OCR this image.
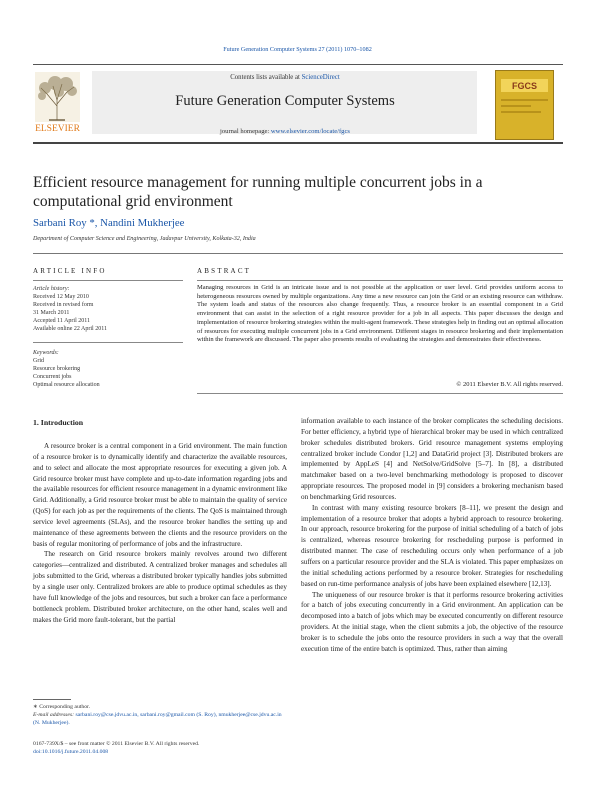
Future Generation Computer Systems 27 (2011) 1070–1082
ELSEVIER
Contents lists available at ScienceDirect
Future Generation Computer Systems
journal homepage: www.elsevier.com/locate/fgcs
FGCS
Efficient resource management for running multiple concurrent jobs in a computational grid environment
Sarbani Roy *, Nandini Mukherjee
Department of Computer Science and Engineering, Jadavpur University, Kolkata-32, India
ARTICLE INFO	ABSTRACT
Article history:
Received 12 May 2010
Received in revised form
31 March 2011
Accepted 11 April 2011
Available online 22 April 2011
Keywords:
Grid
Resource brokering
Concurrent jobs
Optimal resource allocation
Managing resources in Grid is an intricate issue and is not possible at the application or user level. Grid provides uniform access to heterogeneous resources owned by multiple organizations. Any time a new resource can join the Grid or an existing resource can withdraw. The system loads and status of the resources also change frequently. Thus, a resource broker is an essential component in a Grid environment that can assist in the selection of a right resource provider for a job in all aspects. This paper discusses the design and implementation of resource brokering strategies within the multi-agent framework. These strategies help in finding out an optimal allocation of resources for executing multiple concurrent jobs in a Grid environment. Different stages in resource brokering and their implementation within the framework are discussed. The paper also presents results of evaluating the strategies and demonstrates their effectiveness.
© 2011 Elsevier B.V. All rights reserved.
1. Introduction

A resource broker is a central component in a Grid environment. The main function of a resource broker is to dynamically identify and characterize the available resources, and to select and allocate the most appropriate resources for executing a given job. A Grid resource broker must have complete and up-to-date information regarding jobs and the available resources for efficient resource management in a dynamic environment like Grid. Additionally, a Grid resource broker must be able to maintain the quality of service (QoS) for each job as per the requirements of the clients. The QoS is maintained through service level agreements (SLAs), and the resource broker handles the setting up and maintenance of these agreements between the clients and the resource providers on the basis of regular monitoring of performance of jobs and the infrastructure.

The research on Grid resource brokers mainly revolves around two different categories—centralized and distributed. A centralized broker manages and schedules all jobs submitted to the Grid, whereas a distributed broker typically handles jobs submitted by a single user only. Centralized brokers are able to produce optimal schedules as they have full knowledge of the jobs and resources, but such a broker can face a performance bottleneck problem. Distributed broker architecture, on the other hand, scales well and makes the Grid more fault-tolerant, but the partial

information available to each instance of the broker complicates the scheduling decisions. For better efficiency, a hybrid type of hierarchical broker may be used in which centralized broker schedules distributed brokers. Grid resource management systems employing centralized broker include Condor [1,2] and DataGrid project [3]. Distributed brokers are implemented by AppLeS [4] and NetSolve/GridSolve [5–7]. In [8], a distributed matchmaker based on a two-level benchmarking methodology is proposed to discover appropriate resources. The proposed model in [9] considers a brokering mechanism based on benchmarking Grid resources.

In contrast with many existing resource brokers [8–11], we present the design and implementation of a resource broker that adopts a hybrid approach to resource brokering. In our approach, resource brokering for the purpose of initial scheduling of a batch of jobs is centralized, whereas resource brokering for rescheduling purpose is performed in distributed manner. The case of rescheduling occurs only when performance of a job suffers on a particular resource provider and the SLA is violated. This paper emphasizes on the initial scheduling actions performed by a resource broker. Strategies for rescheduling based on run-time performance analysis of jobs have been explained elsewhere [12,13].

The uniqueness of our resource broker is that it performs resource brokering activities for a batch of jobs executing concurrently in a Grid environment. An application can be decomposed into a batch of jobs which may be executed concurrently on different resource providers. At the initial stage, when the client submits a job, the objective of the resource broker is to schedule the jobs onto the resource providers in such a way that the overall execution time of the entire batch is optimized. Thus, rather than aiming

∗ Corresponding author.
E-mail addresses: sarbani.roy@cse.jdvu.ac.in, sarbani.roy@gmail.com (S. Roy), nmukherjee@cse.jdvu.ac.in (N. Mukherjee).
0167-739X/$ – see front matter © 2011 Elsevier B.V. All rights reserved.
doi:10.1016/j.future.2011.04.008
